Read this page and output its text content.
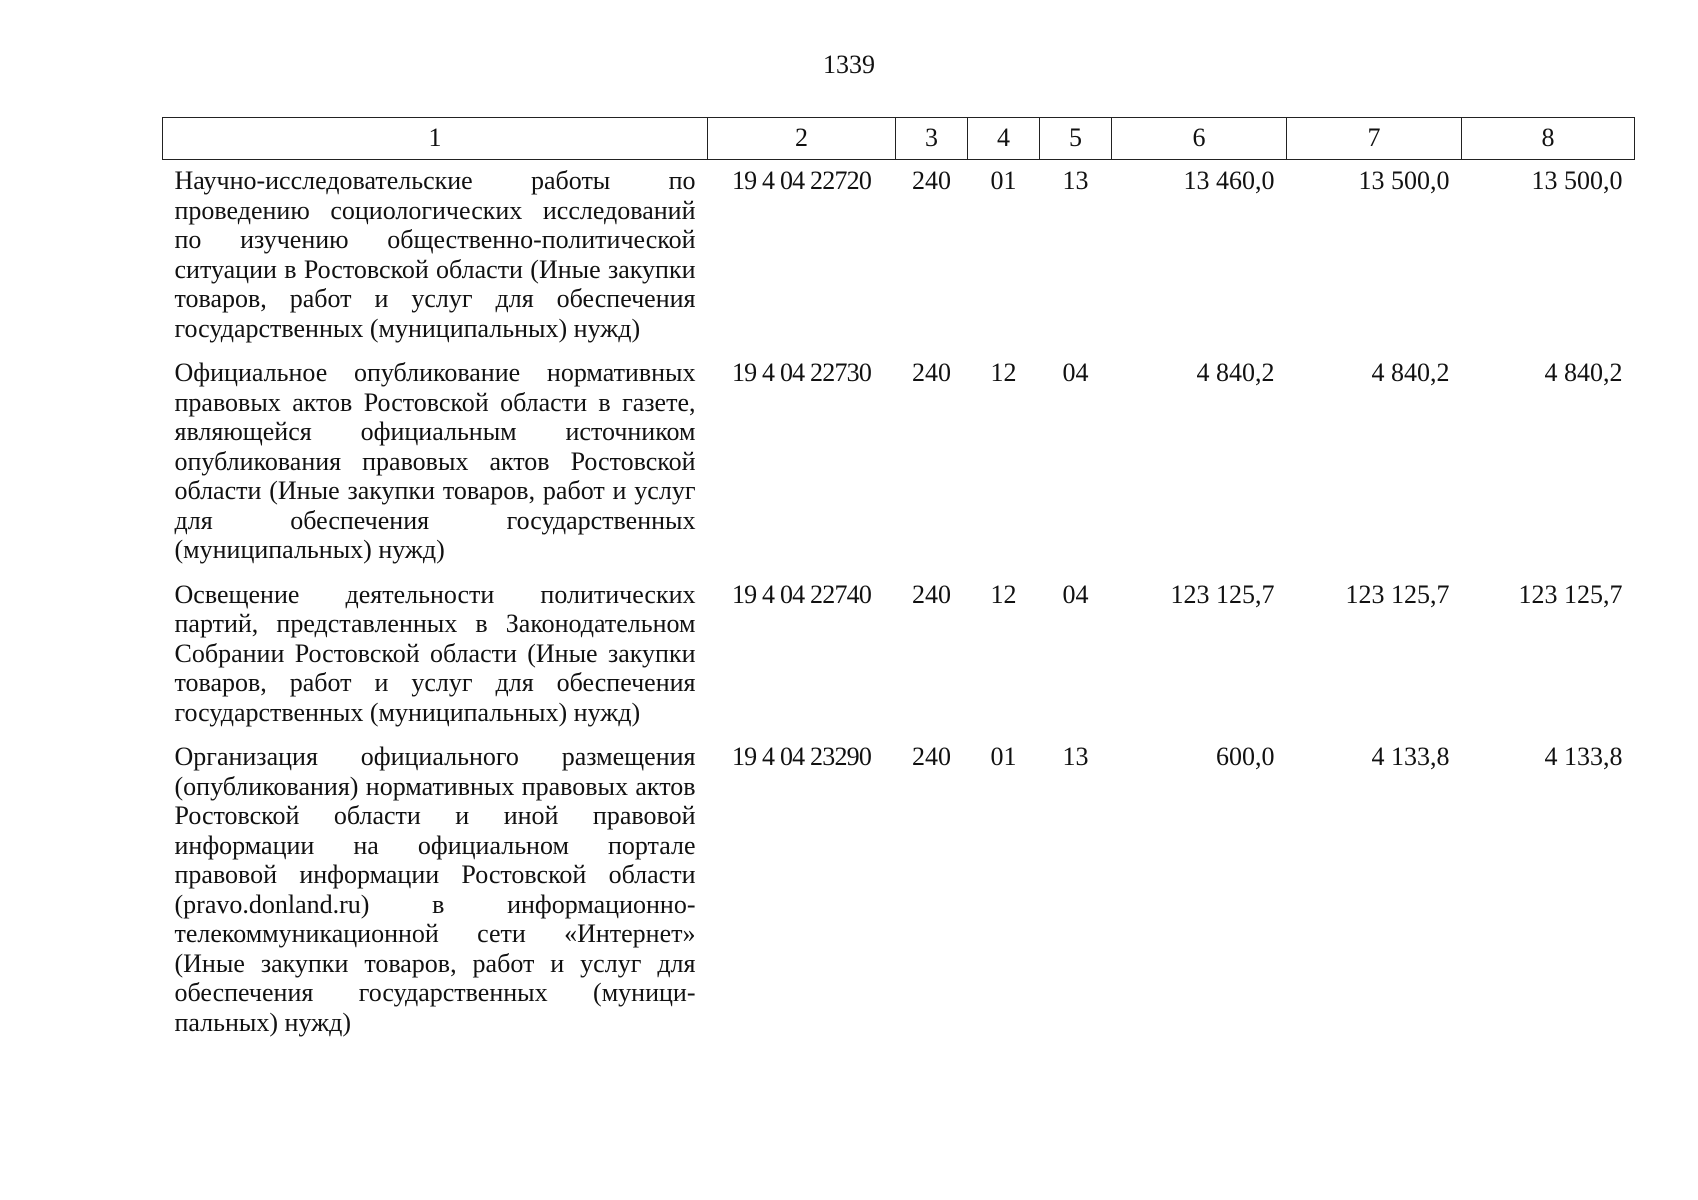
1339
1	2	3	4	5	6	7	8
Научно-исследовательские работы по проведению социологических исследований по изучению общественно-политической ситуации в Ростовской области (Иные закупки товаров, работ и услуг для обеспечения государственных (муниципальных) нужд)	19 4 04 22720	240	01	13	13 460,0	13 500,0	13 500,0
Официальное опубликование нормативных правовых актов Ростовской области в газете, являющейся официальным источником опубликования правовых актов Ростовской области (Иные закупки товаров, работ и услуг для обеспечения государственных (муниципальных) нужд)	19 4 04 22730	240	12	04	4 840,2	4 840,2	4 840,2
Освещение деятельности политических партий, представленных в Законодательном Собрании Ростовской области (Иные закупки товаров, работ и услуг для обеспечения государственных (муниципальных) нужд)	19 4 04 22740	240	12	04	123 125,7	123 125,7	123 125,7
Организация официального размещения (опубликования) нормативных правовых актов Ростовской области и иной правовой информации на официальном портале правовой информации Ростовской области (pravo.donland.ru) в информационно-телекоммуникационной сети «Интернет» (Иные закупки товаров, работ и услуг для обеспечения государственных (муниципальных) нужд)	19 4 04 23290	240	01	13	600,0	4 133,8	4 133,8
